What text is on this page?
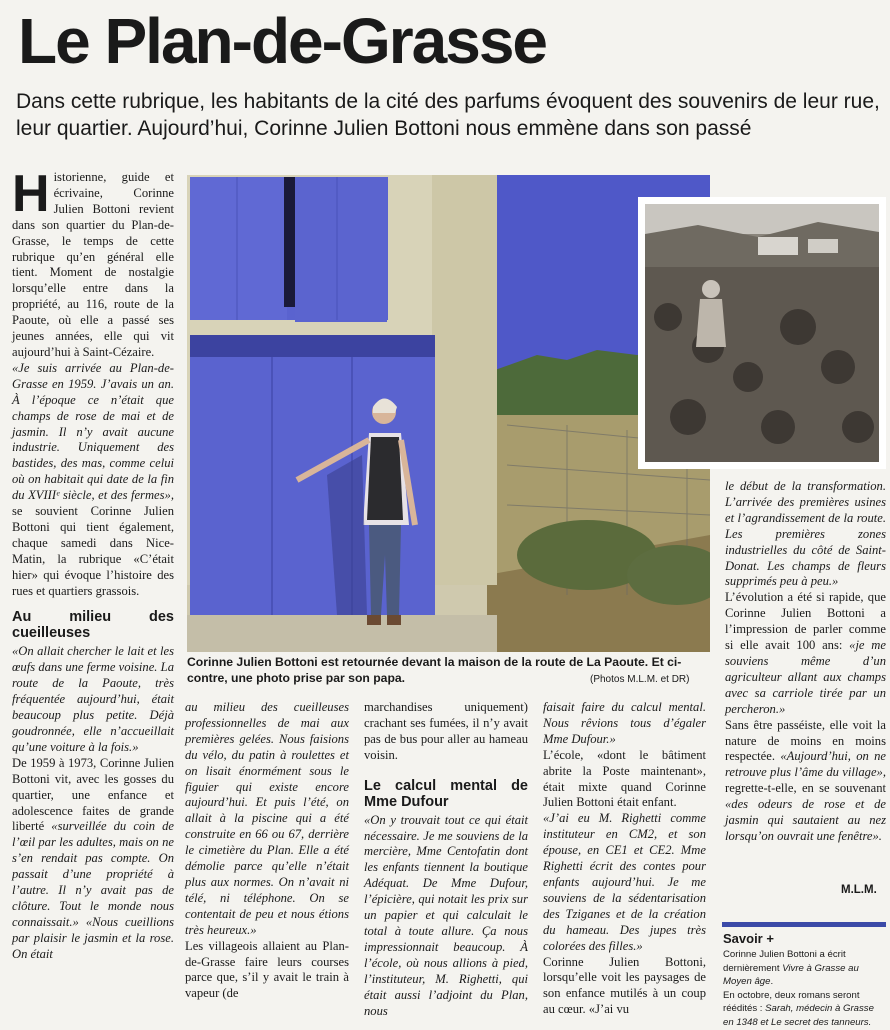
Le Plan-de-Grasse
Dans cette rubrique, les habitants de la cité des parfums évoquent des souvenirs de leur rue, leur quartier. Aujourd’hui, Corinne Julien Bottoni nous emmène dans son passé

Historienne, guide et écrivaine, Corinne Julien Bottoni revient dans son quartier du Plan-de-Grasse, le temps de cette rubrique qu’en général elle tient. Moment de nostalgie lorsqu’elle entre dans la propriété, au 116, route de la Paoute, où elle a passé ses jeunes années, elle qui vit aujourd’hui à Saint-Cézaire.

«Je suis arrivée au Plan-de-Grasse en 1959. J’avais un an. À l’époque ce n’était que champs de rose de mai et de jasmin. Il n’y avait aucune industrie. Uniquement des bastides, des mas, comme celui où on habitait qui date de la fin du XVIIIᵉ siècle, et des fermes», se souvient Corinne Julien Bottoni qui tient également, chaque samedi dans Nice-Matin, la rubrique «C’était hier» qui évoque l’histoire des rues et quartiers grassois.

Au milieu des cueilleuses

«On allait chercher le lait et les œufs dans une ferme voisine. La route de la Paoute, très fréquentée aujourd’hui, était beaucoup plus petite. Déjà goudronnée, elle n’accueillait qu’une voiture à la fois.»

De 1959 à 1973, Corinne Julien Bottoni vit, avec les gosses du quartier, une enfance et adolescence faites de grande liberté «surveillée du coin de l’œil par les adultes, mais on ne s’en rendait pas compte. On passait d’une propriété à l’autre. Il n’y avait pas de clôture. Tout le monde nous connaissait.» «Nous cueillions par plaisir le jasmin et la rose. On était

Corinne Julien Bottoni est retournée devant la maison de la route de La Paoute. Et ci-contre, une photo prise par son papa.	(Photos M.L.M. et DR)

au milieu des cueilleuses professionnelles de mai aux premières gelées. Nous faisions du vélo, du patin à roulettes et on lisait énormément sous le figuier qui existe encore aujourd’hui. Et puis l’été, on allait à la piscine qui a été construite en 66 ou 67, derrière le cimetière du Plan. Elle a été démolie parce qu’elle n’était plus aux normes. On n’avait ni télé, ni téléphone. On se contentait de peu et nous étions très heureux.»

Les villageois allaient au Plan-de-Grasse faire leurs courses parce que, s’il y avait le train à vapeur (de

marchandises uniquement) crachant ses fumées, il n’y avait pas de bus pour aller au hameau voisin.

Le calcul mental de Mme Dufour

«On y trouvait tout ce qui était nécessaire. Je me souviens de la mercière, Mme Centofatin dont les enfants tiennent la boutique Adéquat. De Mme Dufour, l’épicière, qui notait les prix sur un papier et qui calculait le total à toute allure. Ça nous impressionnait beaucoup. À l’école, où nous allions à pied, l’instituteur, M. Righetti, qui était aussi l’adjoint du Plan, nous

faisait faire du calcul mental. Nous rêvions tous d’égaler Mme Dufour.»

L’école, «dont le bâtiment abrite la Poste maintenant», était mixte quand Corinne Julien Bottoni était enfant.

«J’ai eu M. Righetti comme instituteur en CM2, et son épouse, en CE1 et CE2. Mme Righetti écrit des contes pour enfants aujourd’hui. Je me souviens de la sédentarisation des Tziganes et de la création du hameau. Des jupes très colorées des filles.»

Corinne Julien Bottoni, lorsqu’elle voit les paysages de son enfance mutilés à un coup au cœur. «J’ai vu

le début de la transformation. L’arrivée des premières usines et l’agrandissement de la route. Les premières zones industrielles du côté de Saint-Donat. Les champs de fleurs supprimés peu à peu.»

L’évolution a été si rapide, que Corinne Julien Bottoni a l’impression de parler comme si elle avait 100 ans: «je me souviens même d’un agriculteur allant aux champs avec sa carriole tirée par un percheron.»

Sans être passéiste, elle voit la nature de moins en moins respectée. «Aujourd’hui, on ne retrouve plus l’âme du village», regrette-t-elle, en se souvenant «des odeurs de rose et de jasmin qui sautaient au nez lorsqu’on ouvrait une fenêtre».

M.L.M.
Savoir +

Corinne Julien Bottoni a écrit dernièrement Vivre à Grasse au Moyen âge.

En octobre, deux romans seront réédités : Sarah, médecin à Grasse en 1348 et Le secret des tanneurs.
